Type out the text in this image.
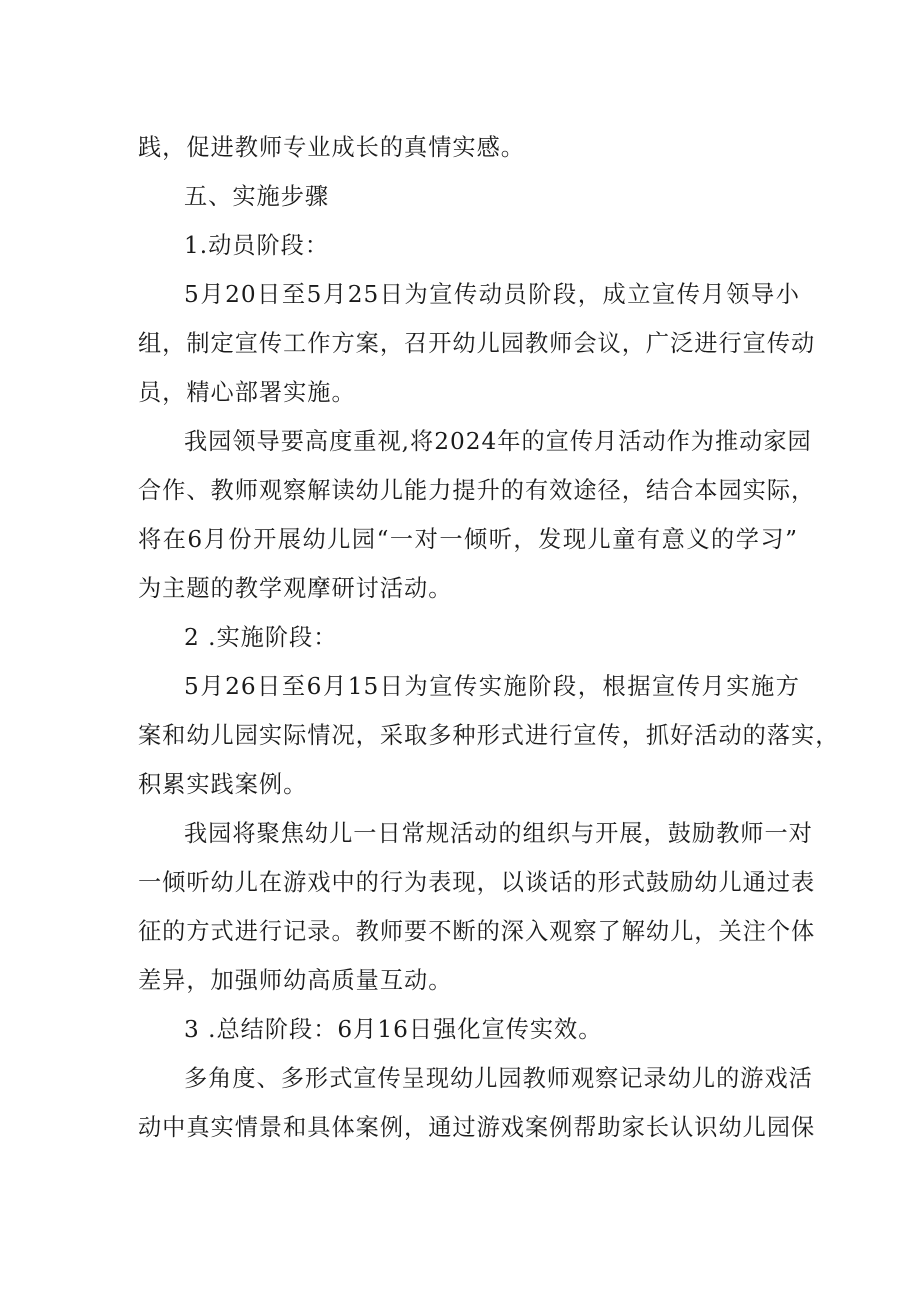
践，促进教师专业成长的真情实感。
五、实施步骤
1.动员阶段：
5月20日至5月25日为宣传动员阶段，成立宣传月领导小
组，制定宣传工作方案，召开幼儿园教师会议，广泛进行宣传动
员，精心部署实施。
我园领导要高度重视,将2024年的宣传月活动作为推动家园
合作、教师观察解读幼儿能力提升的有效途径，结合本园实际，
将在6月份开展幼儿园“一对一倾听，发现儿童有意义的学习”
为主题的教学观摩研讨活动。
2 .实施阶段：
5月26日至6月15日为宣传实施阶段，根据宣传月实施方
案和幼儿园实际情况，采取多种形式进行宣传，抓好活动的落实，
积累实践案例。
我园将聚焦幼儿一日常规活动的组织与开展，鼓励教师一对
一倾听幼儿在游戏中的行为表现，以谈话的形式鼓励幼儿通过表
征的方式进行记录。教师要不断的深入观察了解幼儿，关注个体
差异，加强师幼高质量互动。
3 .总结阶段：6月16日强化宣传实效。
多角度、多形式宣传呈现幼儿园教师观察记录幼儿的游戏活
动中真实情景和具体案例，通过游戏案例帮助家长认识幼儿园保
